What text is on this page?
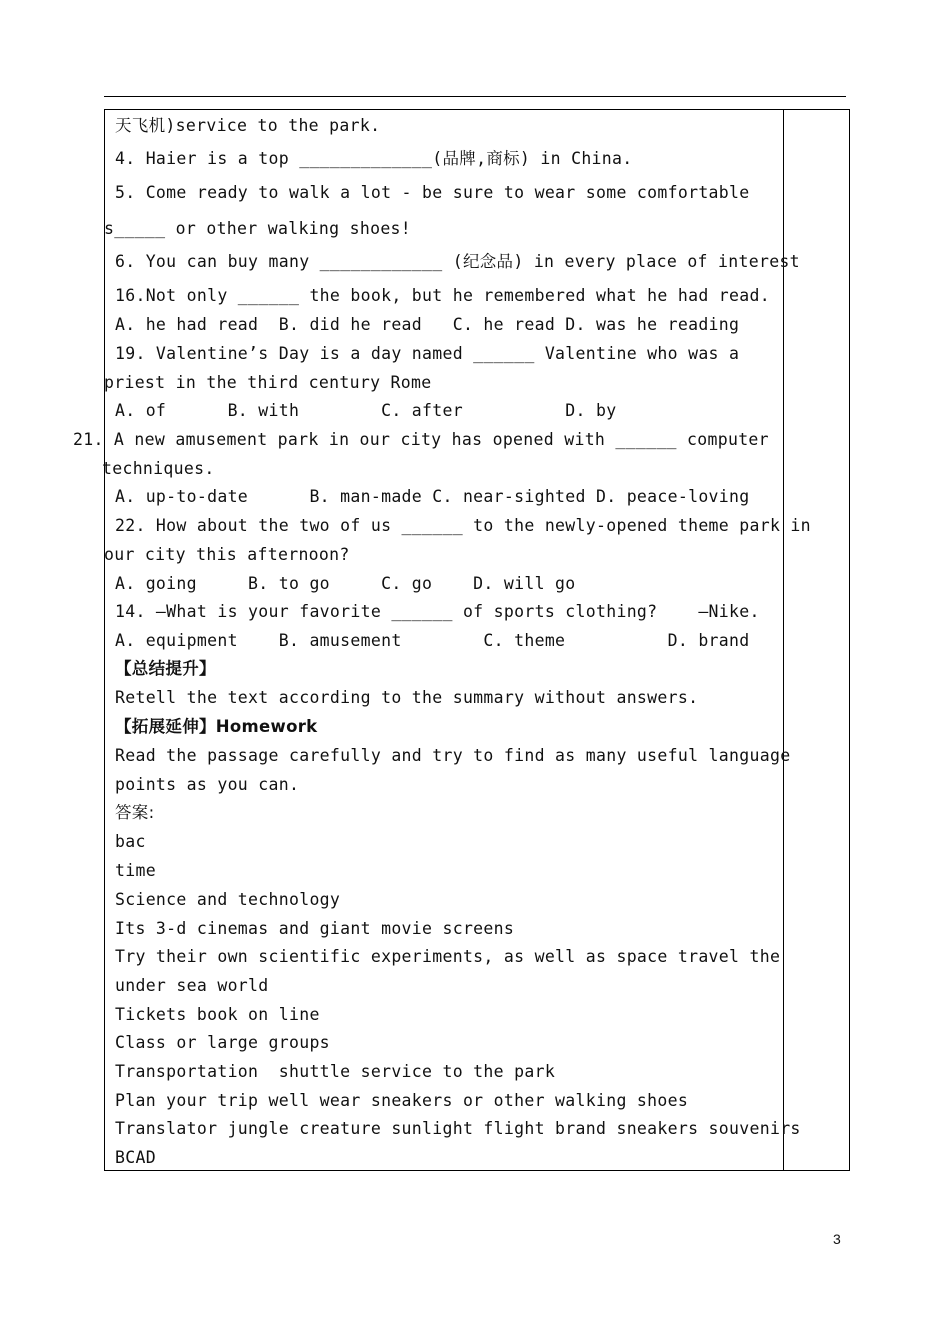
天飞机)service to the park.
4. Haier is a top _____________(品牌,商标) in China.
5. Come ready to walk a lot - be sure to wear some comfortable
s_____ or other walking shoes!
6. You can buy many ____________ (纪念品) in every place of interest
16.Not only ______ the book, but he remembered what he had read.
A. he had read  B. did he read   C. he read D. was he reading
19. Valentine’s Day is a day named ______ Valentine who was a
priest in the third century Rome
A. of      B. with        C. after          D. by
21. A new amusement park in our city has opened with ______ computer
techniques.
A. up-to-date      B. man-made C. near-sighted D. peace-loving
22. How about the two of us ______ to the newly-opened theme park in
our city this afternoon?
A. going     B. to go     C. go    D. will go
14. —What is your favorite ______ of sports clothing?    —Nike.
A. equipment    B. amusement        C. theme          D. brand
【总结提升】
Retell the text according to the summary without answers.
【拓展延伸】Homework
Read the passage carefully and try to find as many useful language
points as you can.
答案:
bac
time
Science and technology
Its 3-d cinemas and giant movie screens
Try their own scientific experiments, as well as space travel the
under sea world
Tickets book on line
Class or large groups
Transportation  shuttle service to the park
Plan your trip well wear sneakers or other walking shoes
Translator jungle creature sunlight flight brand sneakers souvenirs
BCAD
3
